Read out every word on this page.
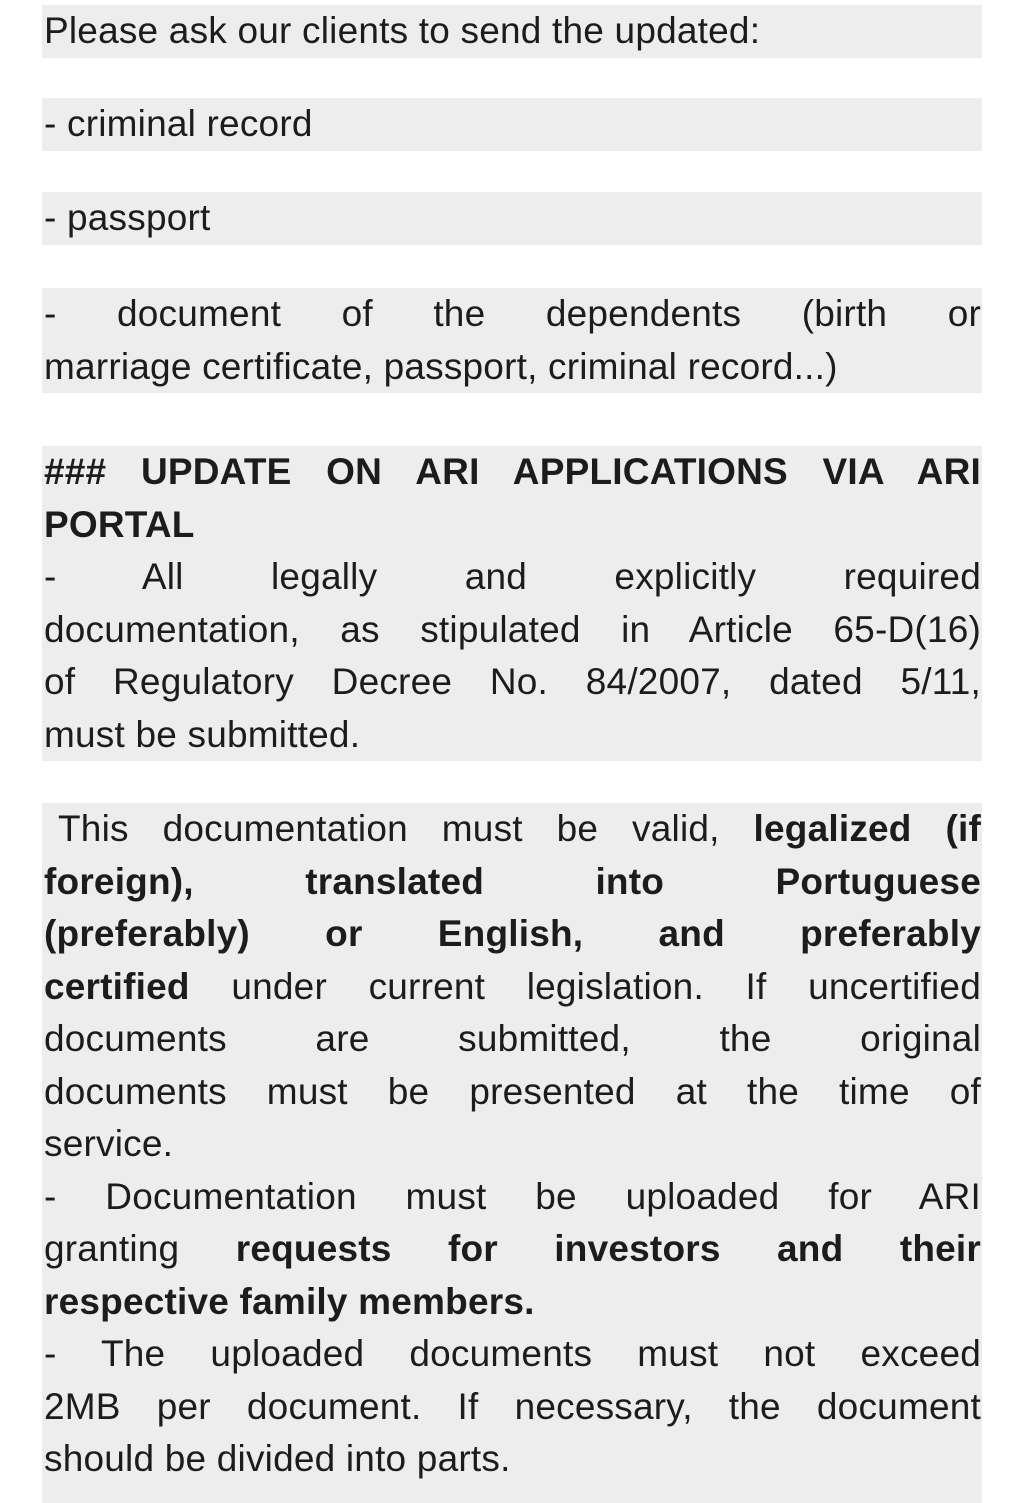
Please ask our clients to send the updated:
- criminal record
- passport
- document of the dependents (birth or
marriage certificate, passport, criminal record...)
### UPDATE ON ARI APPLICATIONS VIA ARI
PORTAL
- All legally and explicitly required
documentation, as stipulated in Article 65-D(16)
of Regulatory Decree No. 84/2007, dated 5/11,
must be submitted.
This documentation must be valid, legalized (if
foreign), translated into Portuguese
(preferably) or English, and preferably
certified under current legislation. If uncertified
documents are submitted, the original
documents must be presented at the time of
service.
- Documentation must be uploaded for ARI
granting requests for investors and their
respective family members.
- The uploaded documents must not exceed
2MB per document. If necessary, the document
should be divided into parts.
